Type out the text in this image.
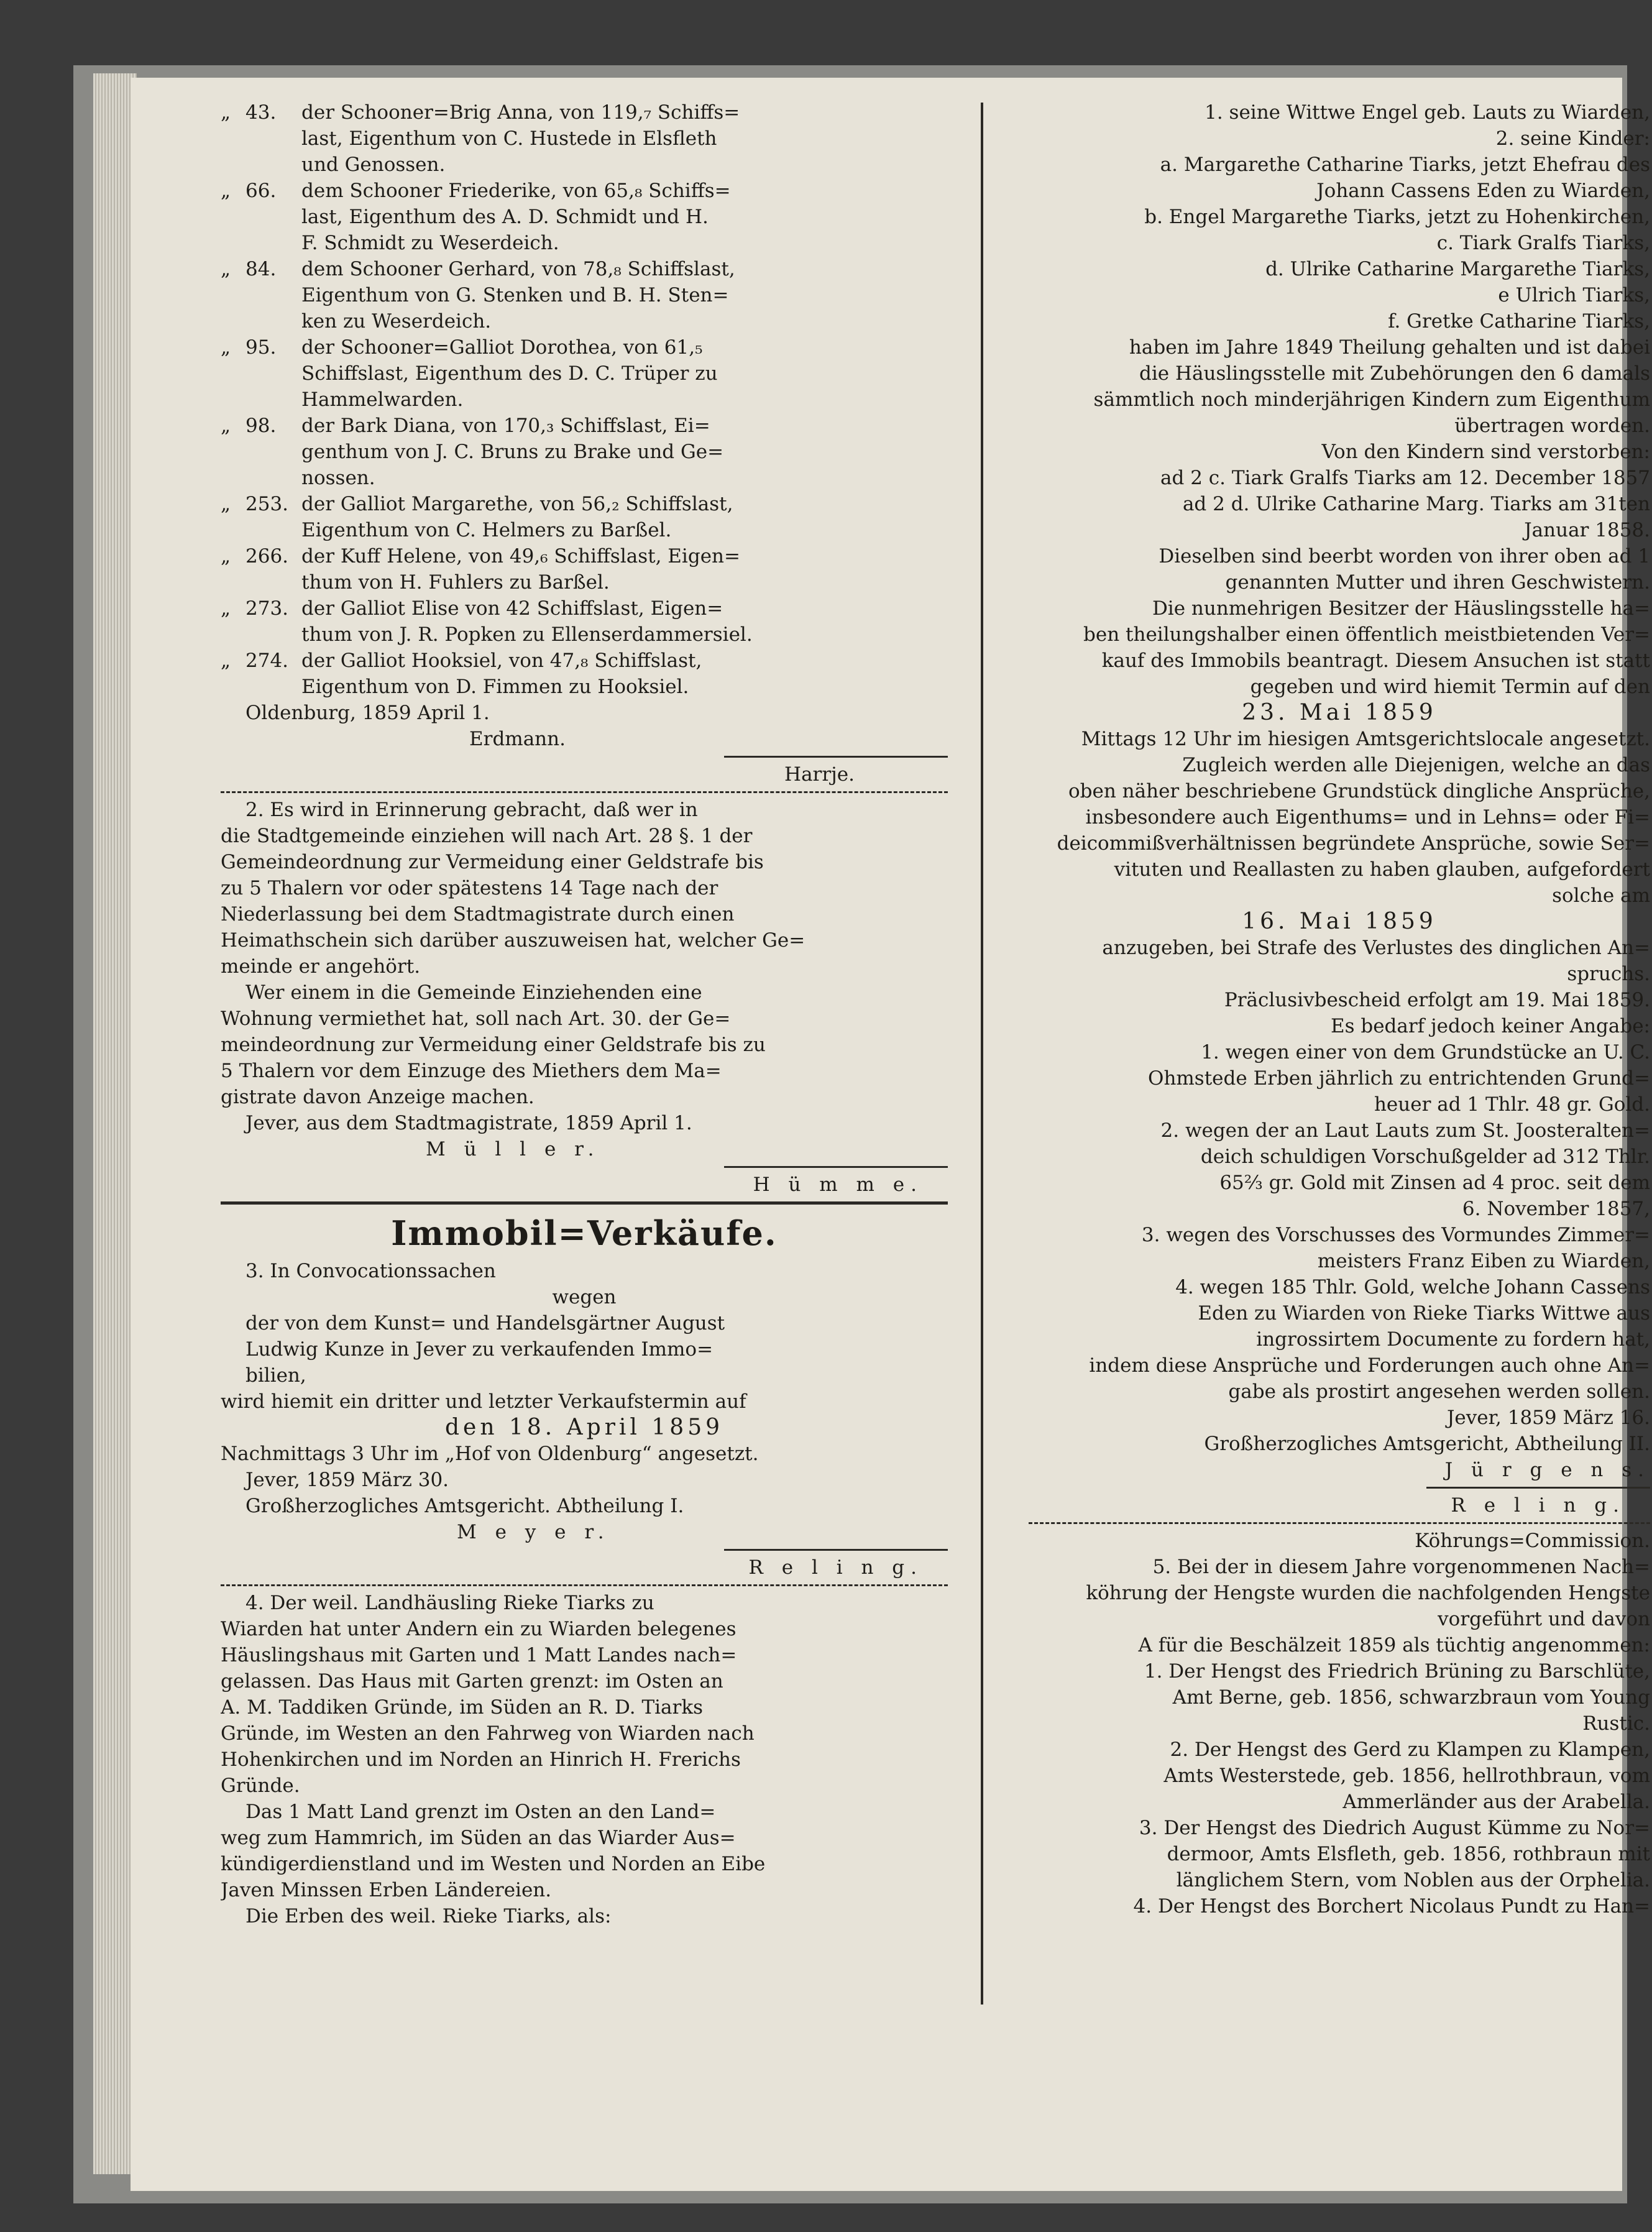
„ 43. der Schooner=Brig Anna, von 119,₇ Schiffs=
last, Eigenthum von C. Hustede in Elsfleth
und Genossen.
„ 66. dem Schooner Friederike, von 65,₈ Schiffs=
last, Eigenthum des A. D. Schmidt und H.
F. Schmidt zu Weserdeich.
„ 84. dem Schooner Gerhard, von 78,₈ Schiffslast,
Eigenthum von G. Stenken und B. H. Sten=
ken zu Weserdeich.
„ 95. der Schooner=Galliot Dorothea, von 61,₅
Schiffslast, Eigenthum des D. C. Trüper zu
Hammelwarden.
„ 98. der Bark Diana, von 170,₃ Schiffslast, Ei=
genthum von J. C. Bruns zu Brake und Ge=
nossen.
„ 253. der Galliot Margarethe, von 56,₂ Schiffslast,
Eigenthum von C. Helmers zu Barßel.
„ 266. der Kuff Helene, von 49,₆ Schiffslast, Eigen=
thum von H. Fuhlers zu Barßel.
„ 273. der Galliot Elise von 42 Schiffslast, Eigen=
thum von J. R. Popken zu Ellenserdammersiel.
„ 274. der Galliot Hooksiel, von 47,₈ Schiffslast,
Eigenthum von D. Fimmen zu Hooksiel.
Oldenburg, 1859 April 1.
Erdmann.
Harrje.
2. Es wird in Erinnerung gebracht, daß wer in
die Stadtgemeinde einziehen will nach Art. 28 §. 1 der
Gemeindeordnung zur Vermeidung einer Geldstrafe bis
zu 5 Thalern vor oder spätestens 14 Tage nach der
Niederlassung bei dem Stadtmagistrate durch einen
Heimathschein sich darüber auszuweisen hat, welcher Ge=
meinde er angehört.
Wer einem in die Gemeinde Einziehenden eine
Wohnung vermiethet hat, soll nach Art. 30. der Ge=
meindeordnung zur Vermeidung einer Geldstrafe bis zu
5 Thalern vor dem Einzuge des Miethers dem Ma=
gistrate davon Anzeige machen.
Jever, aus dem Stadtmagistrate, 1859 April 1.
M ü l l e r.
H ü m m e.
Immobil=Verkäufe.
3. In Convocationssachen
wegen
der von dem Kunst= und Handelsgärtner August
Ludwig Kunze in Jever zu verkaufenden Immo=
bilien,
wird hiemit ein dritter und letzter Verkaufstermin auf
den 18. April 1859
Nachmittags 3 Uhr im „Hof von Oldenburg“ angesetzt.
Jever, 1859 März 30.
Großherzogliches Amtsgericht. Abtheilung I.
M e y e r.
R e l i n g.
4. Der weil. Landhäusling Rieke Tiarks zu
Wiarden hat unter Andern ein zu Wiarden belegenes
Häuslingshaus mit Garten und 1 Matt Landes nach=
gelassen. Das Haus mit Garten grenzt: im Osten an
A. M. Taddiken Gründe, im Süden an R. D. Tiarks
Gründe, im Westen an den Fahrweg von Wiarden nach
Hohenkirchen und im Norden an Hinrich H. Frerichs
Gründe.
Das 1 Matt Land grenzt im Osten an den Land=
weg zum Hammrich, im Süden an das Wiarder Aus=
kündigerdienstland und im Westen und Norden an Eibe
Javen Minssen Erben Ländereien.
Die Erben des weil. Rieke Tiarks, als:
1. seine Wittwe Engel geb. Lauts zu Wiarden,
2. seine Kinder:
a. Margarethe Catharine Tiarks, jetzt Ehefrau des
Johann Cassens Eden zu Wiarden,
b. Engel Margarethe Tiarks, jetzt zu Hohenkirchen,
c. Tiark Gralfs Tiarks,
d. Ulrike Catharine Margarethe Tiarks,
e Ulrich Tiarks,
f. Gretke Catharine Tiarks,
haben im Jahre 1849 Theilung gehalten und ist dabei
die Häuslingsstelle mit Zubehörungen den 6 damals
sämmtlich noch minderjährigen Kindern zum Eigenthum
übertragen worden.
Von den Kindern sind verstorben:
ad 2 c. Tiark Gralfs Tiarks am 12. December 1857
ad 2 d. Ulrike Catharine Marg. Tiarks am 31ten
Januar 1858.
Dieselben sind beerbt worden von ihrer oben ad 1
genannten Mutter und ihren Geschwistern.
Die nunmehrigen Besitzer der Häuslingsstelle ha=
ben theilungshalber einen öffentlich meistbietenden Ver=
kauf des Immobils beantragt. Diesem Ansuchen ist statt
gegeben und wird hiemit Termin auf den
23. Mai 1859
Mittags 12 Uhr im hiesigen Amtsgerichtslocale angesetzt.
Zugleich werden alle Diejenigen, welche an das
oben näher beschriebene Grundstück dingliche Ansprüche,
insbesondere auch Eigenthums= und in Lehns= oder Fi=
deicommißverhältnissen begründete Ansprüche, sowie Ser=
vituten und Reallasten zu haben glauben, aufgefordert
solche am
16. Mai 1859
anzugeben, bei Strafe des Verlustes des dinglichen An=
spruchs.
Präclusivbescheid erfolgt am 19. Mai 1859.
Es bedarf jedoch keiner Angabe:
1. wegen einer von dem Grundstücke an U. C.
Ohmstede Erben jährlich zu entrichtenden Grund=
heuer ad 1 Thlr. 48 gr. Gold.
2. wegen der an Laut Lauts zum St. Joosteralten=
deich schuldigen Vorschußgelder ad 312 Thlr.
65⅔ gr. Gold mit Zinsen ad 4 proc. seit dem
6. November 1857,
3. wegen des Vorschusses des Vormundes Zimmer=
meisters Franz Eiben zu Wiarden,
4. wegen 185 Thlr. Gold, welche Johann Cassens
Eden zu Wiarden von Rieke Tiarks Wittwe aus
ingrossirtem Documente zu fordern hat,
indem diese Ansprüche und Forderungen auch ohne An=
gabe als prostirt angesehen werden sollen.
Jever, 1859 März 16.
Großherzogliches Amtsgericht, Abtheilung II.
J ü r g e n s.
R e l i n g.
Köhrungs=Commission.
5. Bei der in diesem Jahre vorgenommenen Nach=
köhrung der Hengste wurden die nachfolgenden Hengste
vorgeführt und davon
A für die Beschälzeit 1859 als tüchtig angenommen:
1. Der Hengst des Friedrich Brüning zu Barschlüte,
Amt Berne, geb. 1856, schwarzbraun vom Young
Rustic.
2. Der Hengst des Gerd zu Klampen zu Klampen,
Amts Westerstede, geb. 1856, hellrothbraun, vom
Ammerländer aus der Arabella.
3. Der Hengst des Diedrich August Kümme zu Nor=
dermoor, Amts Elsfleth, geb. 1856, rothbraun mit
länglichem Stern, vom Noblen aus der Orphelia.
4. Der Hengst des Borchert Nicolaus Pundt zu Han=
